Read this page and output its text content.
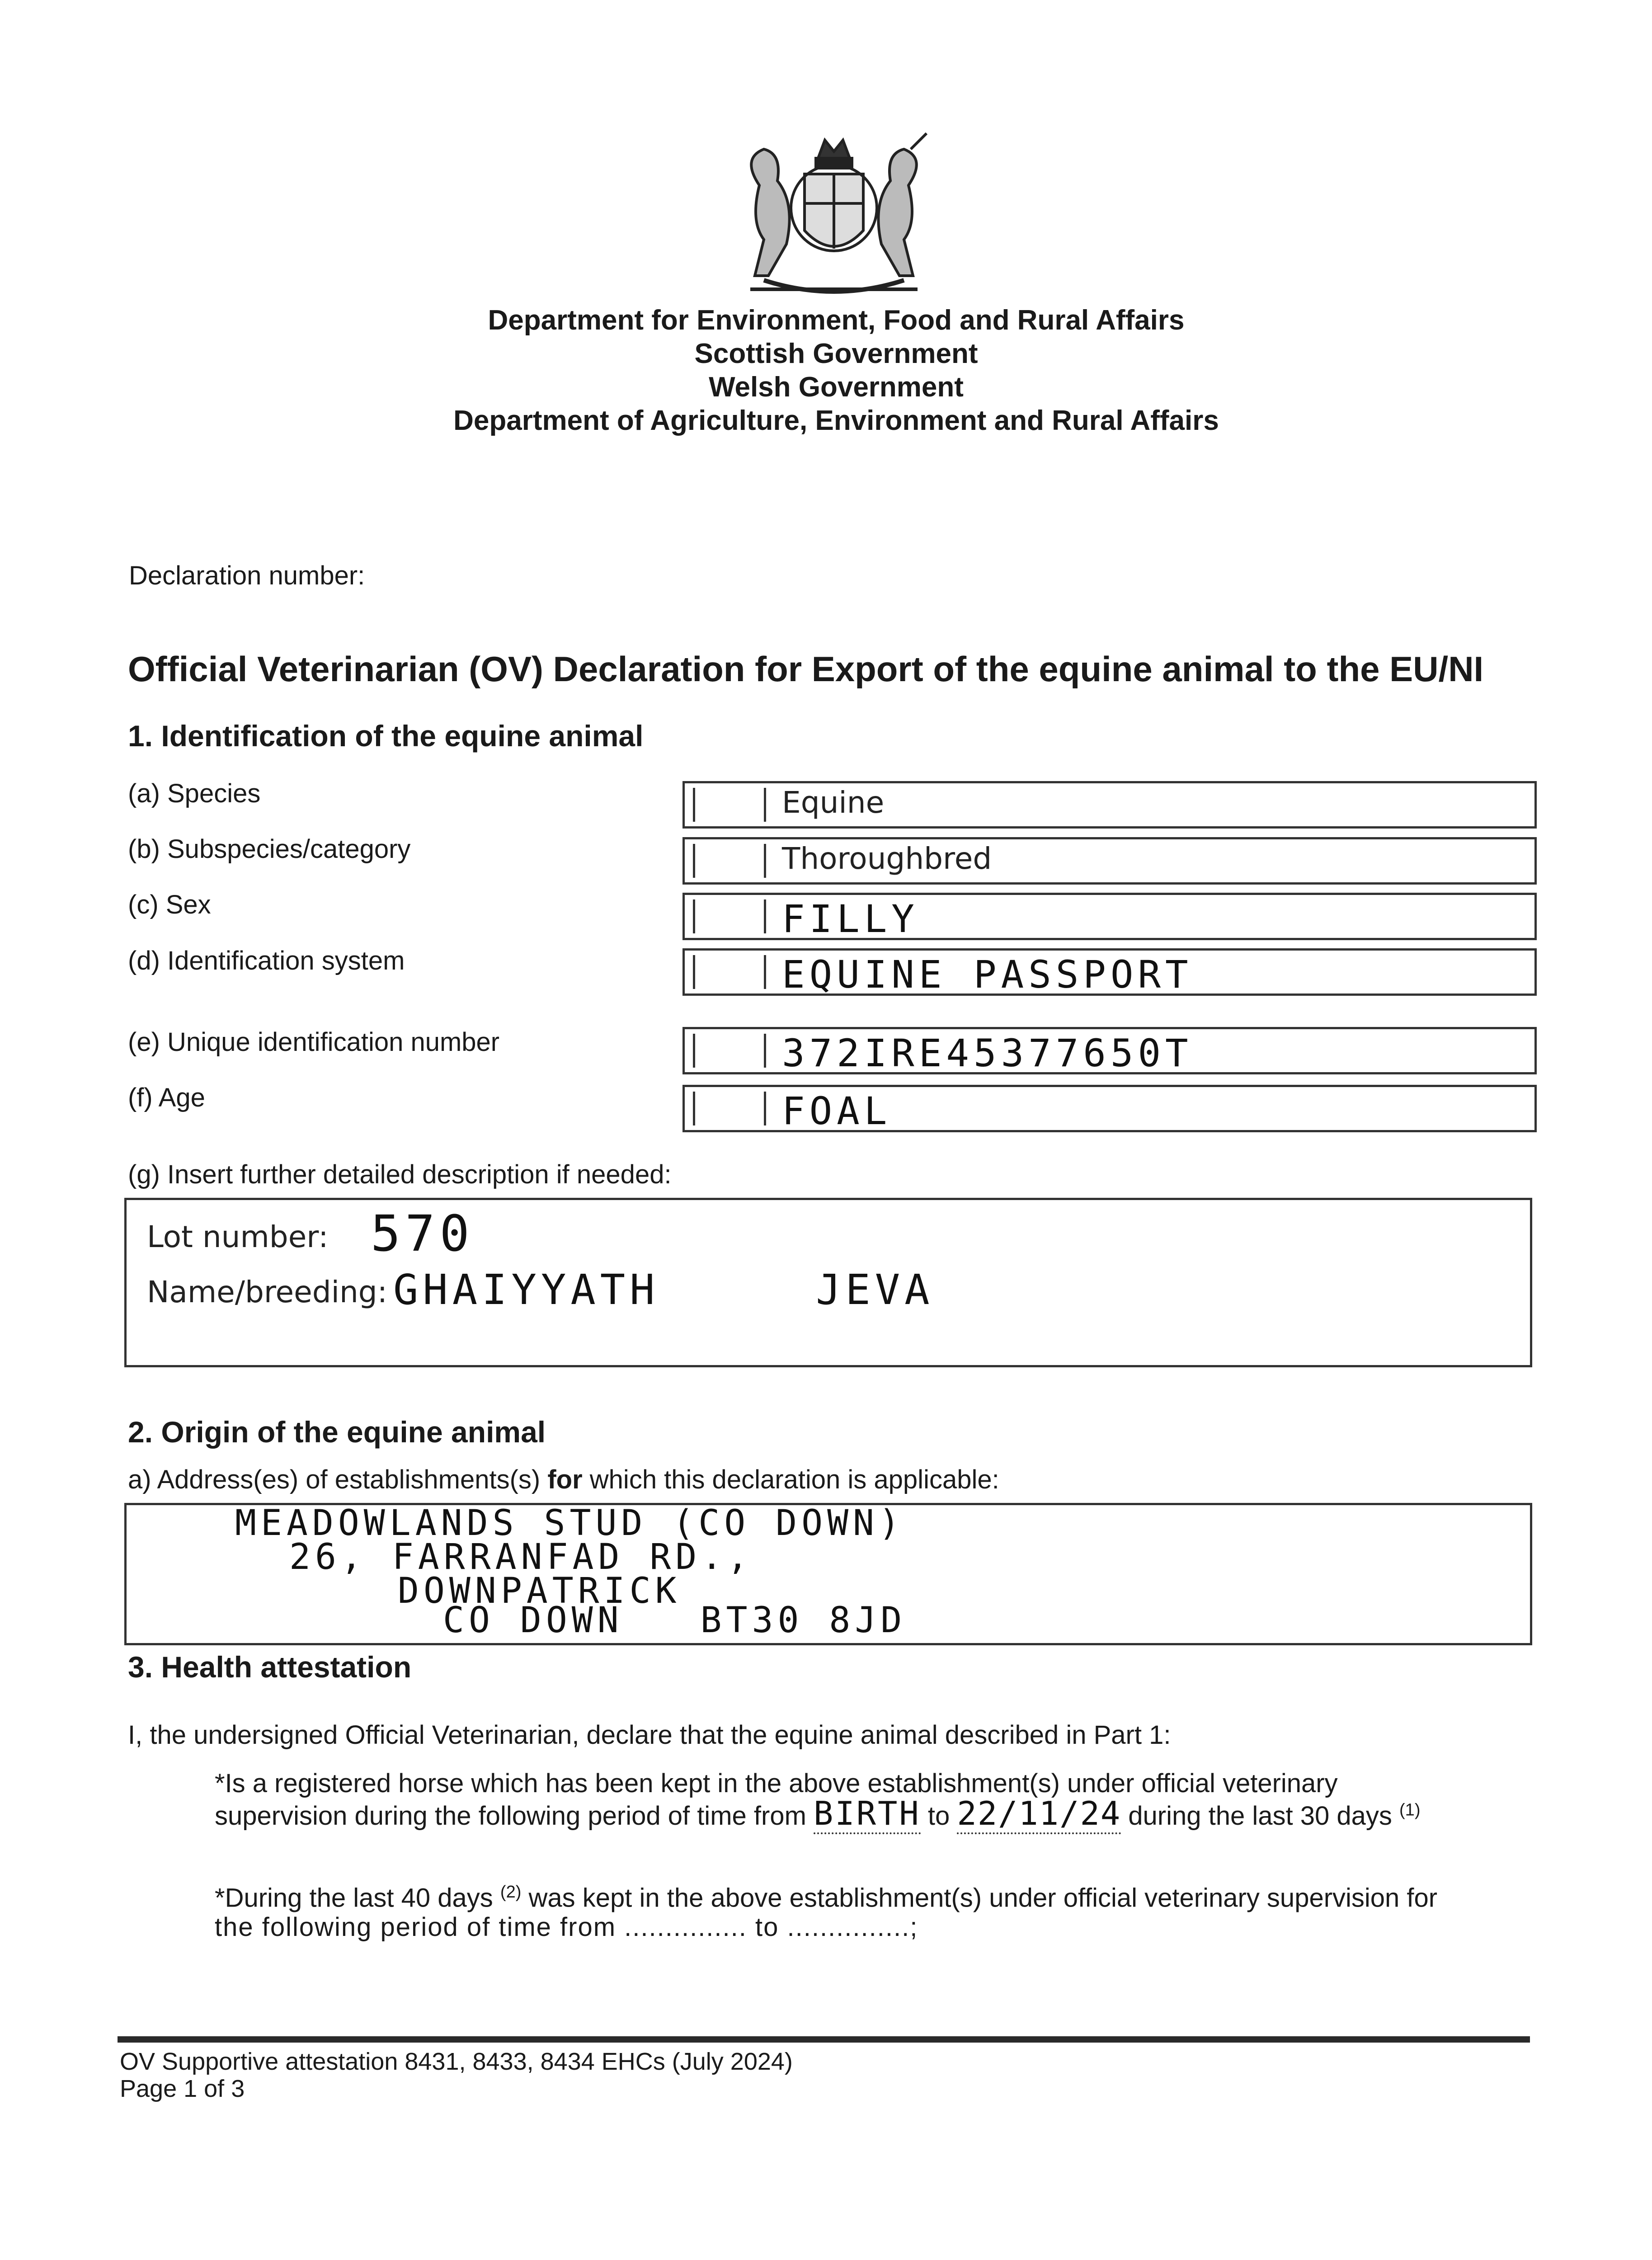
Department for Environment, Food and Rural Affairs
Scottish Government
Welsh Government
Department of Agriculture, Environment and Rural Affairs
Declaration number:
Official Veterinarian (OV) Declaration for Export of the equine animal to the EU/NI
1. Identification of the equine animal
(a) Species	Equine
(b) Subspecies/category	Thoroughbred
(c) Sex	FILLY
(d) Identification system	EQUINE PASSPORT
(e) Unique identification number	372IRE45377650T
(f) Age	FOAL
(g) Insert further detailed description if needed:
Lot number: 570
Name/breeding: GHAIYYATH	JEVA
2. Origin of the equine animal
a) Address(es) of establishments(s) for which this declaration is applicable:
MEADOWLANDS STUD (CO DOWN)
26, FARRANFAD RD.,
DOWNPATRICK
CO DOWN   BT30 8JD
3. Health attestation
I, the undersigned Official Veterinarian, declare that the equine animal described in Part 1:
*Is a registered horse which has been kept in the above establishment(s) under official veterinary
supervision during the following period of time from BIRTH to 22/11/24 during the last 30 days $^{(1)}$
*During the last 40 days $^{(2)}$ was kept in the above establishment(s) under official veterinary supervision for
the following period of time from ............... to ...............;
OV Supportive attestation 8431, 8433, 8434 EHCs (July 2024)
Page 1 of 3
